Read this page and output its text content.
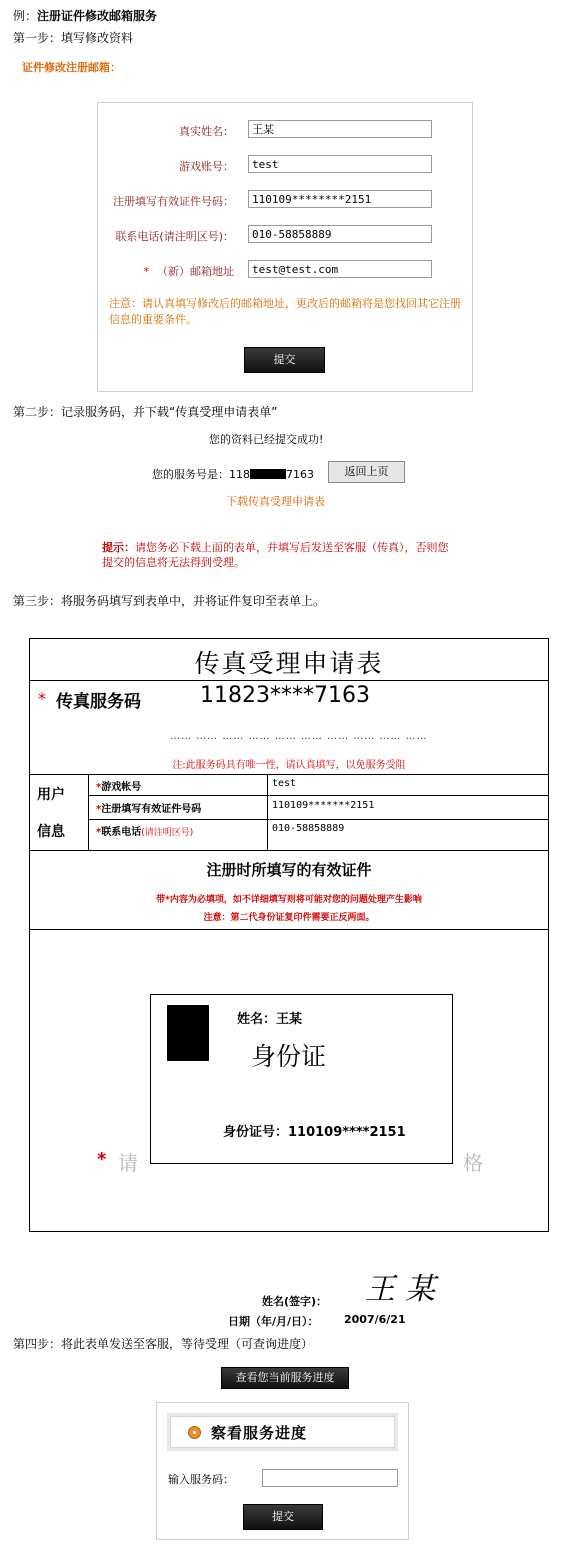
例：注册证件修改邮箱服务
第一步：填写修改资料
证件修改注册邮箱：
真实姓名：	王某
游戏账号：	test
注册填写有效证件号码：	110109********2151
联系电话(请注明区号)：	010-58858889
* （新）邮箱地址	test@test.com
注意：请认真填写修改后的邮箱地址，更改后的邮箱将是您找回其它注册信息的重要条件。
提交
第二步：记录服务码，并下载“传真受理申请表单”
您的资料已经提交成功!
您的服务号是：118	7163	返回上页
下载传真受理申请表
提示：请您务必下载上面的表单，并填写后发送至客服（传真），否则您提交的信息将无法得到受理。
第三步：将服务码填写到表单中，并将证件复印至表单上。
传真受理申请表
* 传真服务码	11823****7163
…… …… …… …… …… …… …… …… …… ……
注:此服务码具有唯一性，请认真填写，以免服务受阻
用户
信息
*游戏帐号	test
*注册填写有效证件号码	110109*******2151
*联系电话(请注明区号)	010-58858889
注册时所填写的有效证件
带*内容为必填项，如不详细填写则将可能对您的问题处理产生影响
注意：第二代身份证复印件需要正反两面。
姓名：王某
身份证
身份证号：110109****2151
* 请	格
姓名(签字)： 王某
日期（年/月/日）： 2007/6/21
第四步：将此表单发送至客服，等待受理（可查询进度）
查看您当前服务进度
察看服务进度
输入服务码：
提交
